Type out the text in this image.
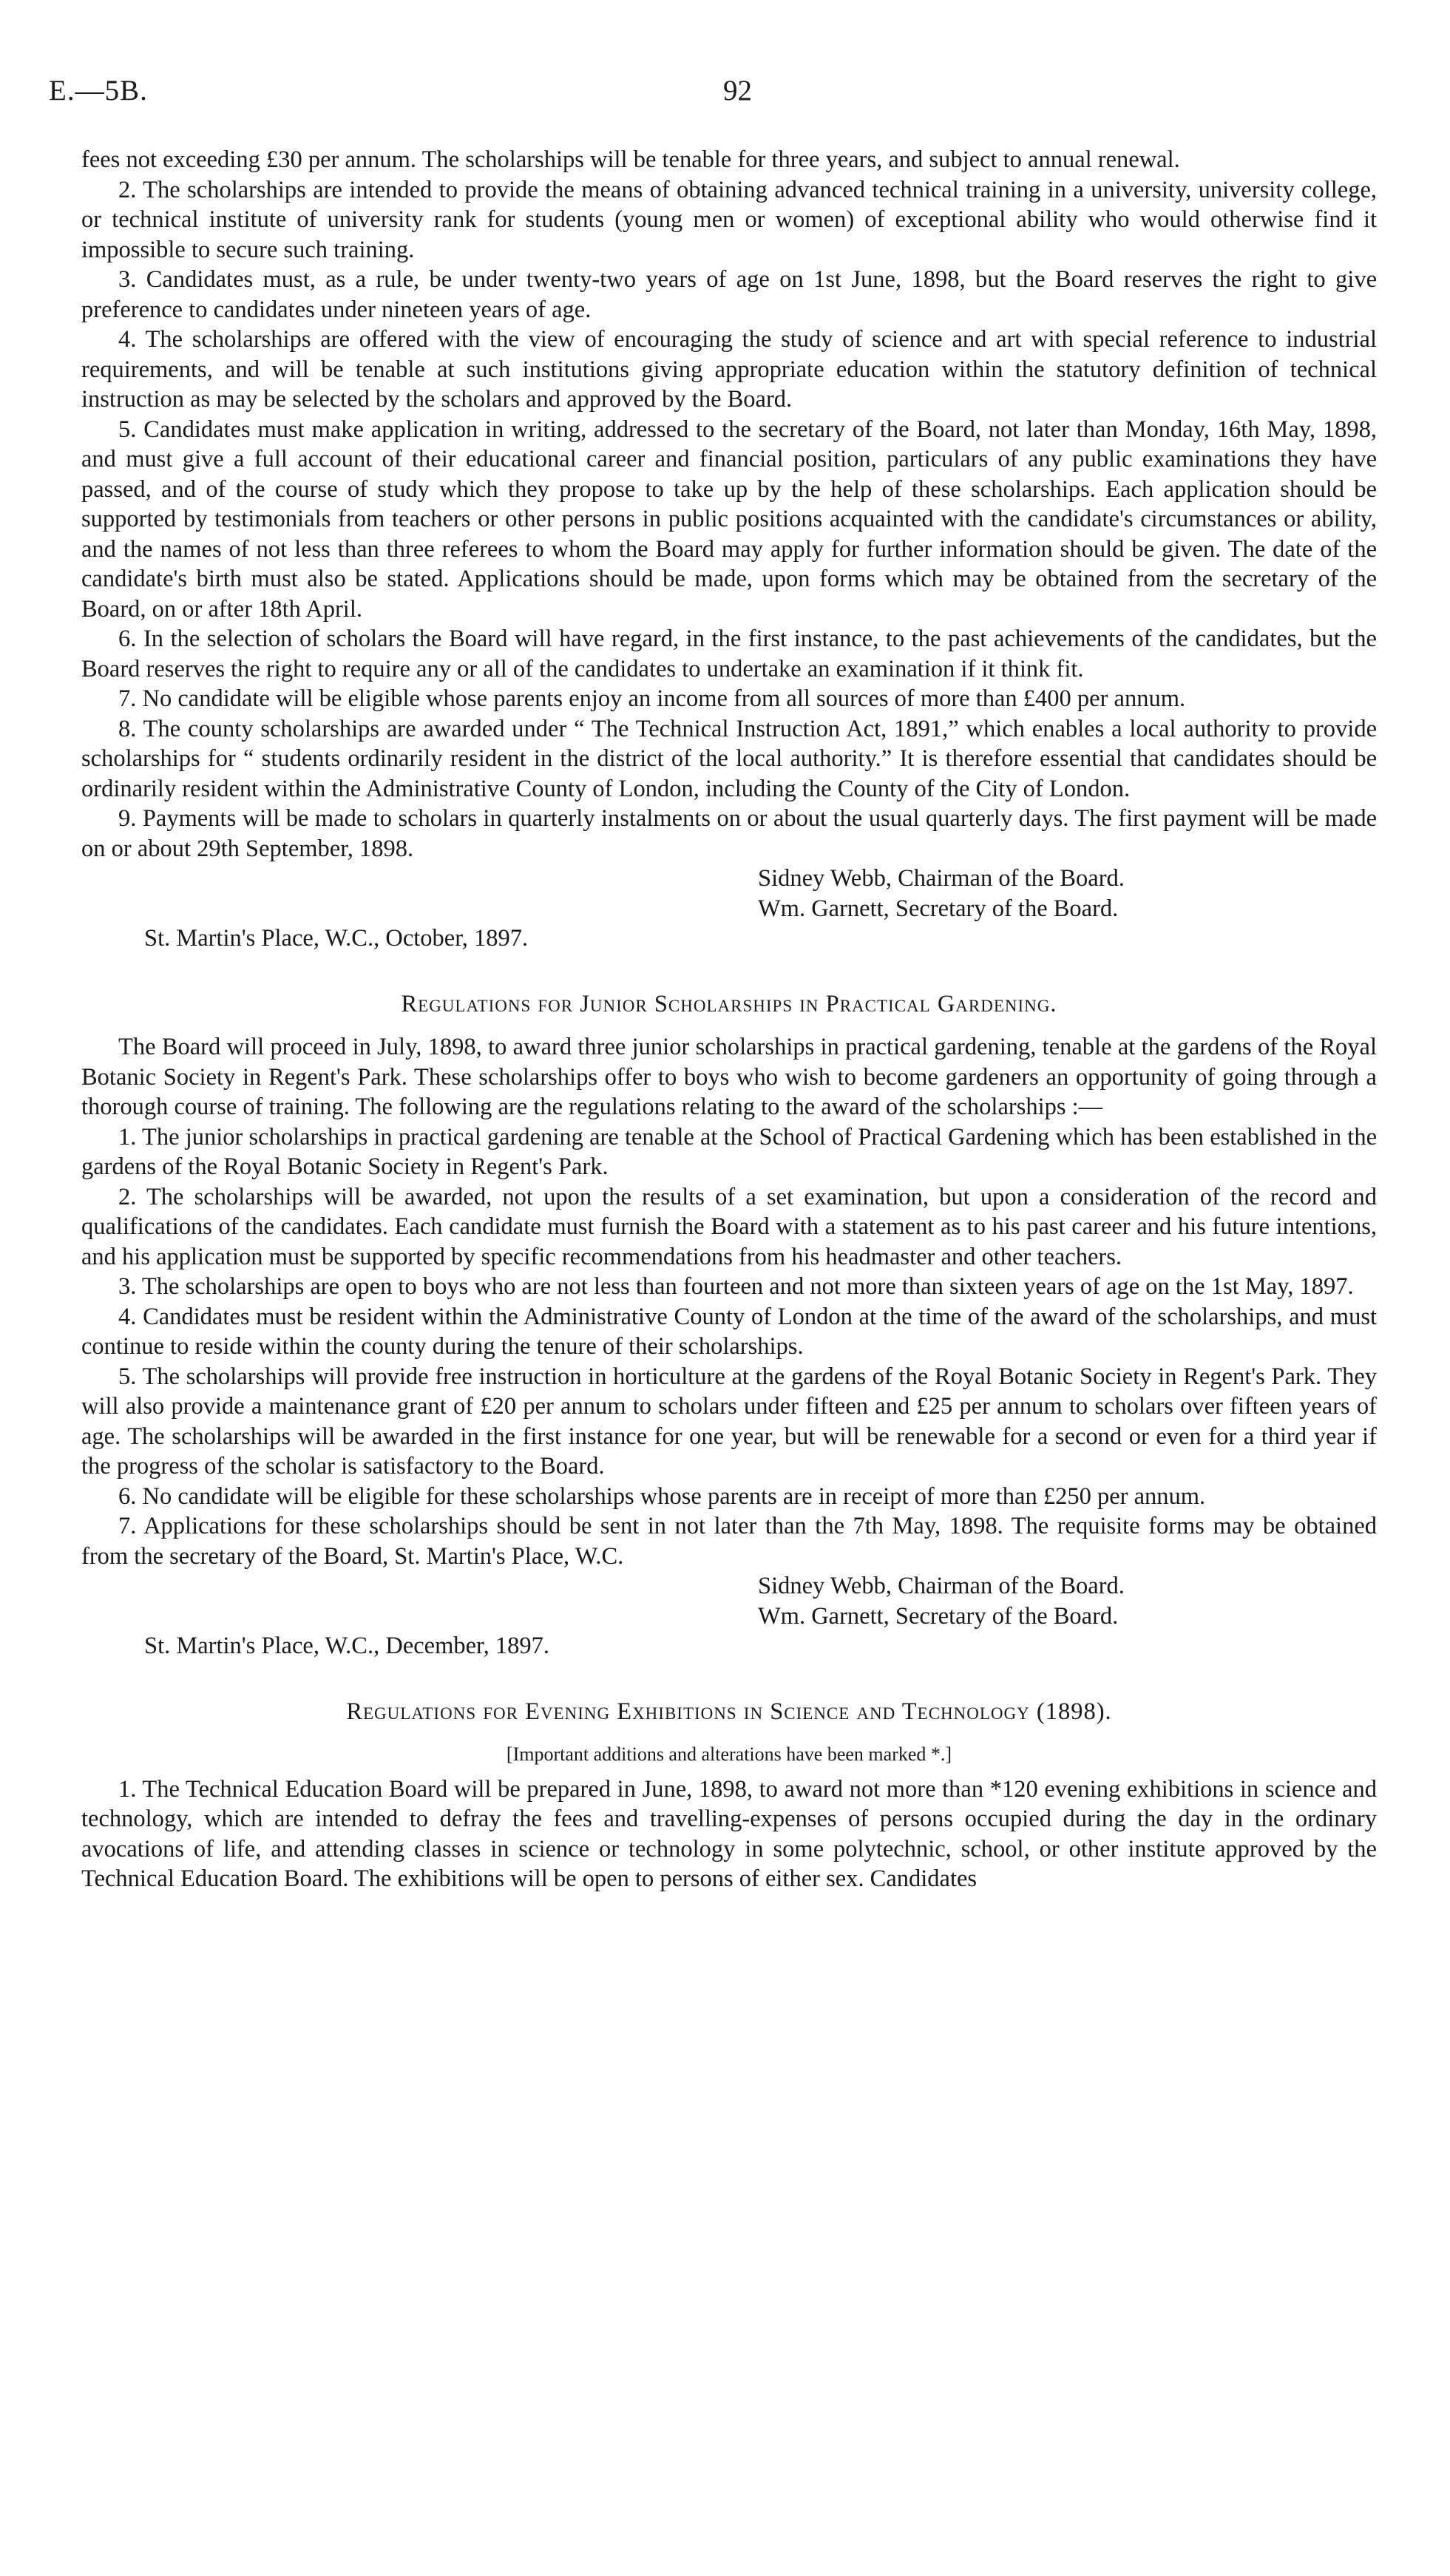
E.—5B.	92

fees not exceeding £30 per annum. The scholarships will be tenable for three years, and subject to annual renewal.

2. The scholarships are intended to provide the means of obtaining advanced technical training in a university, university college, or technical institute of university rank for students (young men or women) of exceptional ability who would otherwise find it impossible to secure such training.

3. Candidates must, as a rule, be under twenty-two years of age on 1st June, 1898, but the Board reserves the right to give preference to candidates under nineteen years of age.

4. The scholarships are offered with the view of encouraging the study of science and art with special reference to industrial requirements, and will be tenable at such institutions giving appropriate education within the statutory definition of technical instruction as may be selected by the scholars and approved by the Board.

5. Candidates must make application in writing, addressed to the secretary of the Board, not later than Monday, 16th May, 1898, and must give a full account of their educational career and financial position, particulars of any public examinations they have passed, and of the course of study which they propose to take up by the help of these scholarships. Each application should be supported by testimonials from teachers or other persons in public positions acquainted with the candidate's circumstances or ability, and the names of not less than three referees to whom the Board may apply for further information should be given. The date of the candidate's birth must also be stated. Applications should be made, upon forms which may be obtained from the secretary of the Board, on or after 18th April.

6. In the selection of scholars the Board will have regard, in the first instance, to the past achievements of the candidates, but the Board reserves the right to require any or all of the candidates to undertake an examination if it think fit.

7. No candidate will be eligible whose parents enjoy an income from all sources of more than £400 per annum.

8. The county scholarships are awarded under “ The Technical Instruction Act, 1891,” which enables a local authority to provide scholarships for “ students ordinarily resident in the district of the local authority.” It is therefore essential that candidates should be ordinarily resident within the Administrative County of London, including the County of the City of London.

9. Payments will be made to scholars in quarterly instalments on or about the usual quarterly days. The first payment will be made on or about 29th September, 1898.

Sidney Webb, Chairman of the Board.
Wm. Garnett, Secretary of the Board.

St. Martin's Place, W.C., October, 1897.

Regulations for Junior Scholarships in Practical Gardening.

The Board will proceed in July, 1898, to award three junior scholarships in practical gardening, tenable at the gardens of the Royal Botanic Society in Regent's Park. These scholarships offer to boys who wish to become gardeners an opportunity of going through a thorough course of training. The following are the regulations relating to the award of the scholarships :—

1. The junior scholarships in practical gardening are tenable at the School of Practical Gardening which has been established in the gardens of the Royal Botanic Society in Regent's Park.

2. The scholarships will be awarded, not upon the results of a set examination, but upon a consideration of the record and qualifications of the candidates. Each candidate must furnish the Board with a statement as to his past career and his future intentions, and his application must be supported by specific recommendations from his headmaster and other teachers.

3. The scholarships are open to boys who are not less than fourteen and not more than sixteen years of age on the 1st May, 1897.

4. Candidates must be resident within the Administrative County of London at the time of the award of the scholarships, and must continue to reside within the county during the tenure of their scholarships.

5. The scholarships will provide free instruction in horticulture at the gardens of the Royal Botanic Society in Regent's Park. They will also provide a maintenance grant of £20 per annum to scholars under fifteen and £25 per annum to scholars over fifteen years of age. The scholarships will be awarded in the first instance for one year, but will be renewable for a second or even for a third year if the progress of the scholar is satisfactory to the Board.

6. No candidate will be eligible for these scholarships whose parents are in receipt of more than £250 per annum.

7. Applications for these scholarships should be sent in not later than the 7th May, 1898. The requisite forms may be obtained from the secretary of the Board, St. Martin's Place, W.C.

Sidney Webb, Chairman of the Board.
Wm. Garnett, Secretary of the Board.

St. Martin's Place, W.C., December, 1897.

Regulations for Evening Exhibitions in Science and Technology (1898).

[Important additions and alterations have been marked *.]

1. The Technical Education Board will be prepared in June, 1898, to award not more than *120 evening exhibitions in science and technology, which are intended to defray the fees and travelling-expenses of persons occupied during the day in the ordinary avocations of life, and attending classes in science or technology in some polytechnic, school, or other institute approved by the Technical Education Board. The exhibitions will be open to persons of either sex. Candidates
